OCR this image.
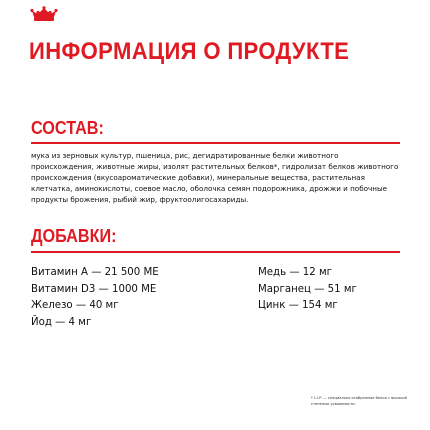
ИНФОРМАЦИЯ О ПРОДУКТЕ
СОСТАВ:

мука из зерновых культур, пшеница, рис, дегидратированные белки животного происхождения, животные жиры, изолят растительных белков*, гидролизат белков животного происхождения (вкусоароматические добавки), минеральные вещества, растительная клетчатка, аминокислоты, соевое масло, оболочка семян подорожника, дрожжи и побочные продукты брожения, рыбий жир, фруктоолигосахариды.

ДОБАВКИ:
Витамин A — 21 500 МЕ
Витамин D3 — 1000 МЕ
Железо — 40 мг
Йод — 4 мг
Медь — 12 мг
Марганец — 51 мг
Цинк — 154 мг

* L.I.P. — специально отобранные белки с высокой степенью усвояемости.
